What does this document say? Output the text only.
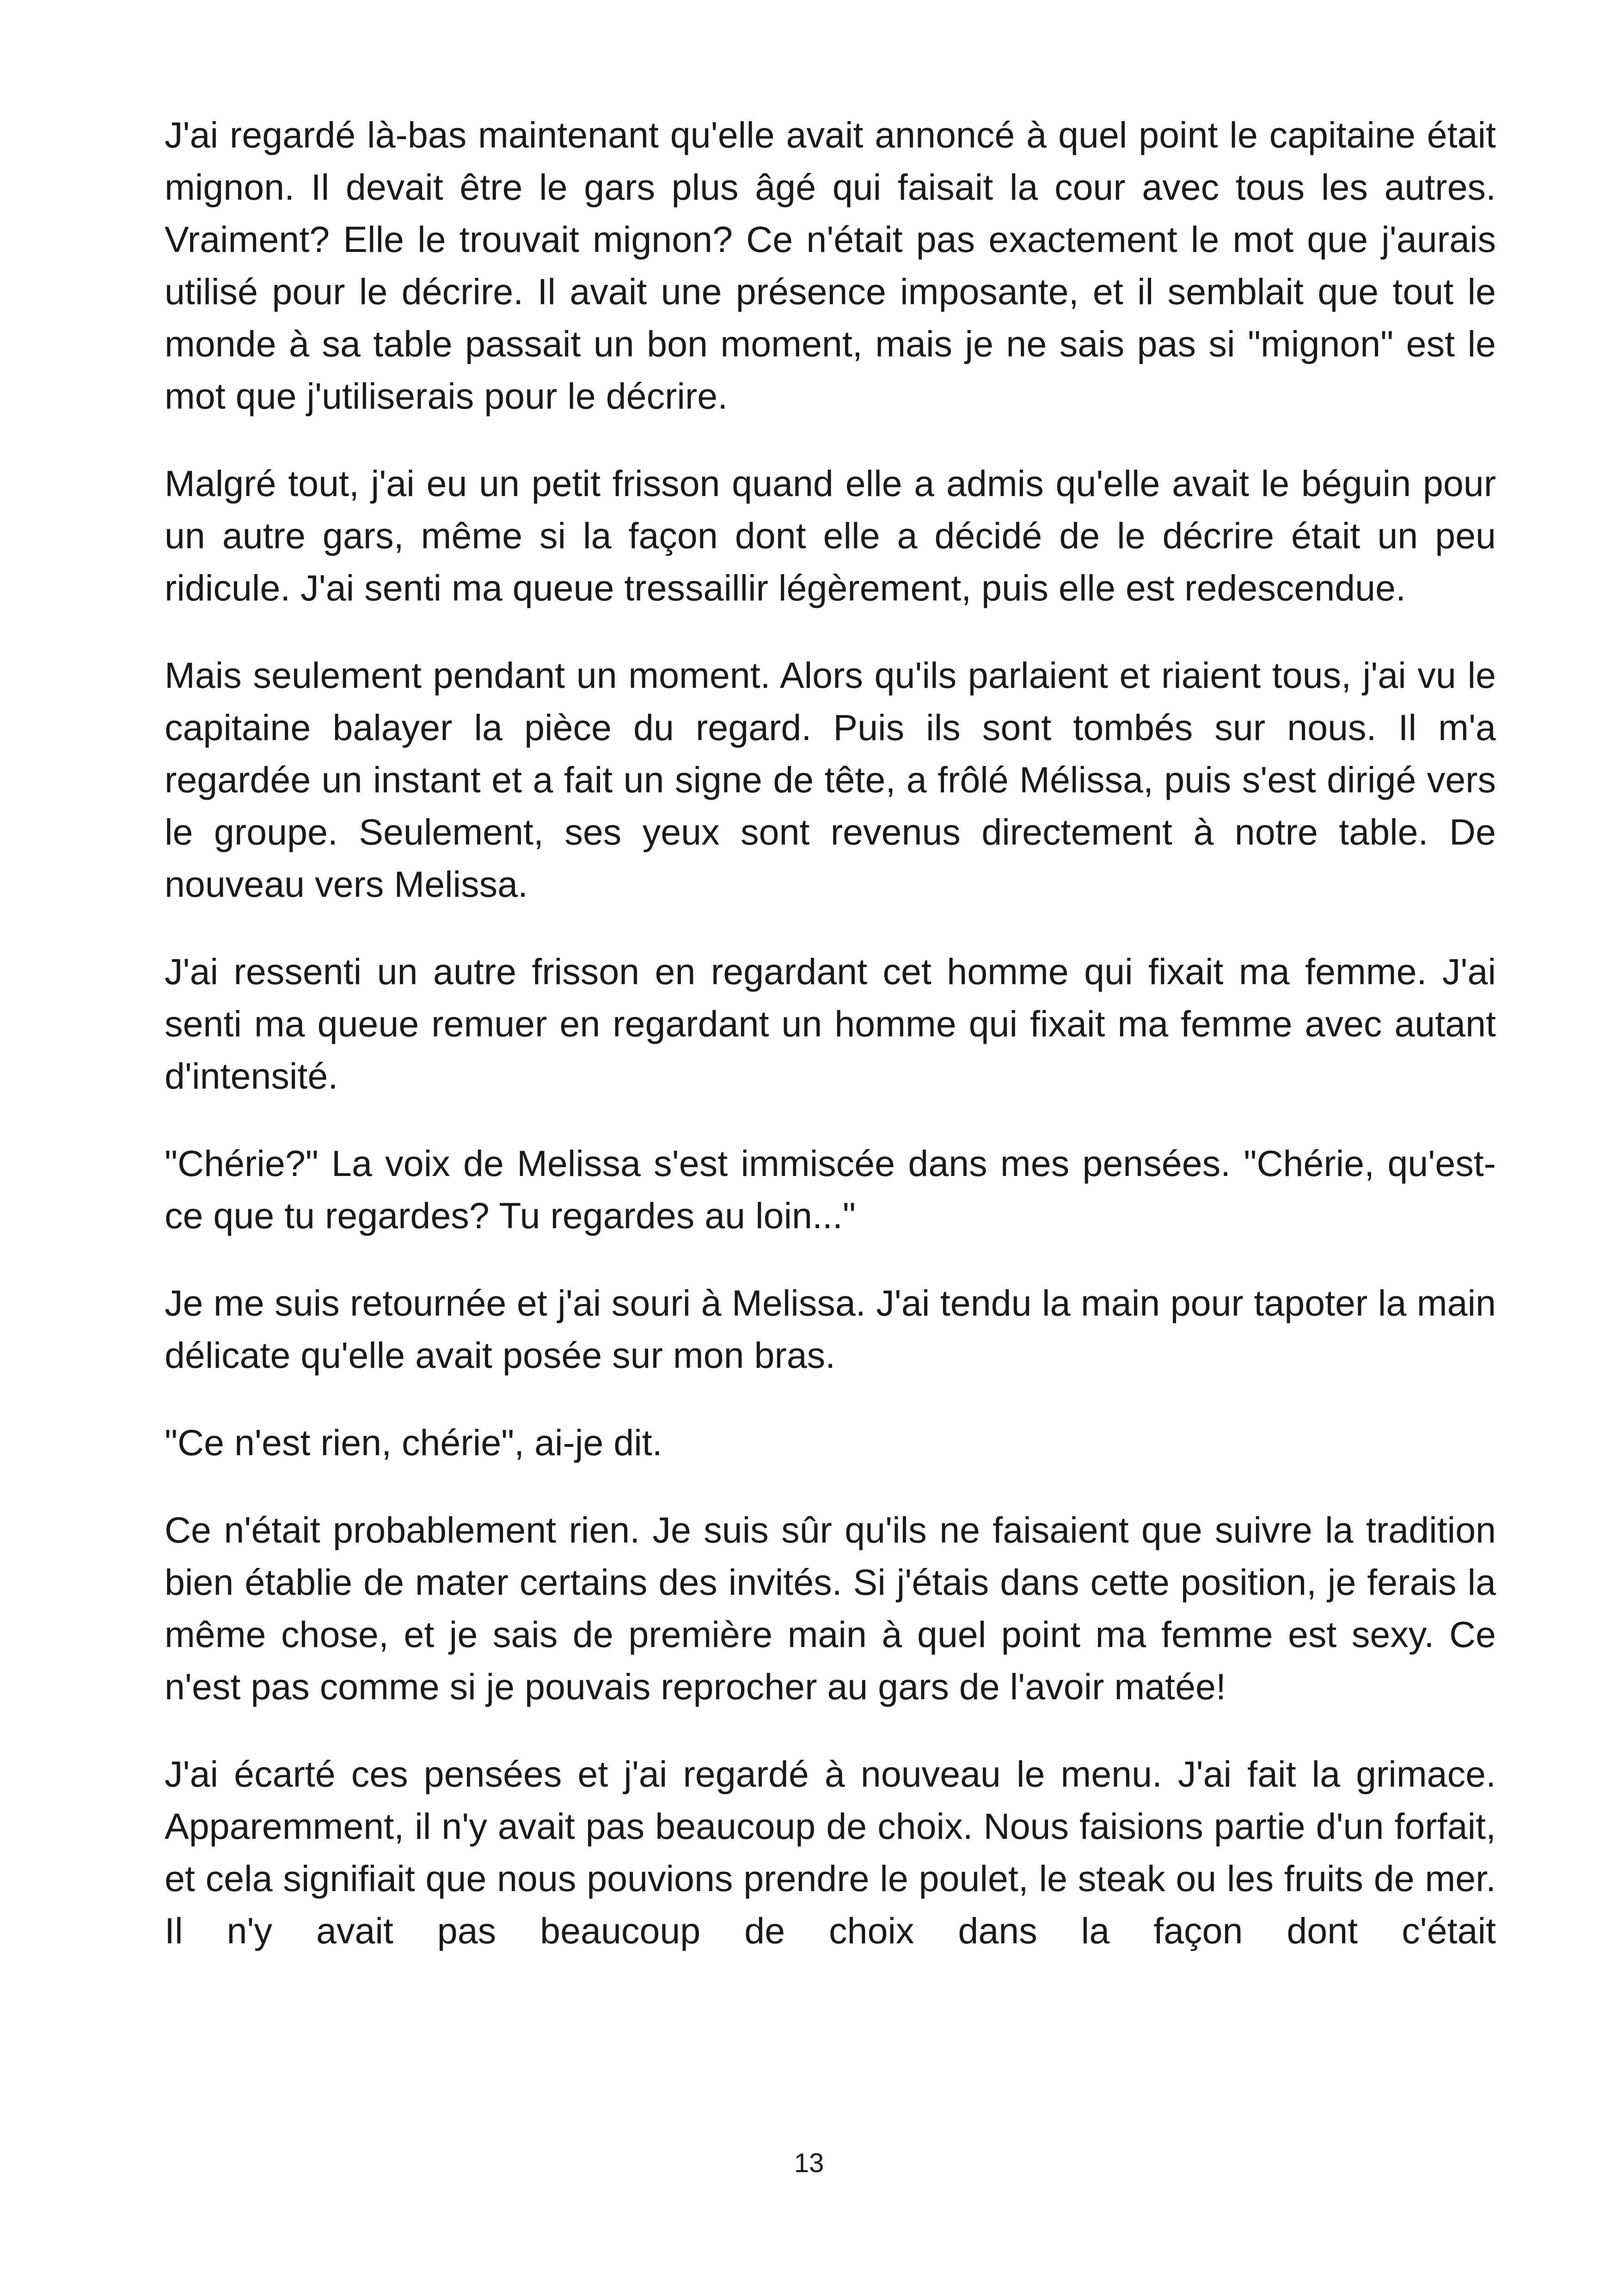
J'ai regardé là-bas maintenant qu'elle avait annoncé à quel point le capitaine était mignon. Il devait être le gars plus âgé qui faisait la cour avec tous les autres. Vraiment? Elle le trouvait mignon? Ce n'était pas exactement le mot que j'aurais utilisé pour le décrire. Il avait une présence imposante, et il semblait que tout le monde à sa table passait un bon moment, mais je ne sais pas si "mignon" est le mot que j'utiliserais pour le décrire.

Malgré tout, j'ai eu un petit frisson quand elle a admis qu'elle avait le béguin pour un autre gars, même si la façon dont elle a décidé de le décrire était un peu ridicule. J'ai senti ma queue tressaillir légèrement, puis elle est redescendue.

Mais seulement pendant un moment. Alors qu'ils parlaient et riaient tous, j'ai vu le capitaine balayer la pièce du regard. Puis ils sont tombés sur nous. Il m'a regardée un instant et a fait un signe de tête, a frôlé Mélissa, puis s'est dirigé vers le groupe. Seulement, ses yeux sont revenus directement à notre table. De nouveau vers Melissa.

J'ai ressenti un autre frisson en regardant cet homme qui fixait ma femme. J'ai senti ma queue remuer en regardant un homme qui fixait ma femme avec autant d'intensité.

"Chérie?" La voix de Melissa s'est immiscée dans mes pensées. "Chérie, qu'est-ce que tu regardes? Tu regardes au loin..."

Je me suis retournée et j'ai souri à Melissa. J'ai tendu la main pour tapoter la main délicate qu'elle avait posée sur mon bras.

"Ce n'est rien, chérie", ai-je dit.

Ce n'était probablement rien. Je suis sûr qu'ils ne faisaient que suivre la tradition bien établie de mater certains des invités. Si j'étais dans cette position, je ferais la même chose, et je sais de première main à quel point ma femme est sexy. Ce n'est pas comme si je pouvais reprocher au gars de l'avoir matée!

J'ai écarté ces pensées et j'ai regardé à nouveau le menu. J'ai fait la grimace. Apparemment, il n'y avait pas beaucoup de choix. Nous faisions partie d'un forfait, et cela signifiait que nous pouvions prendre le poulet, le steak ou les fruits de mer. Il n'y avait pas beaucoup de choix dans la façon dont c'était

13
